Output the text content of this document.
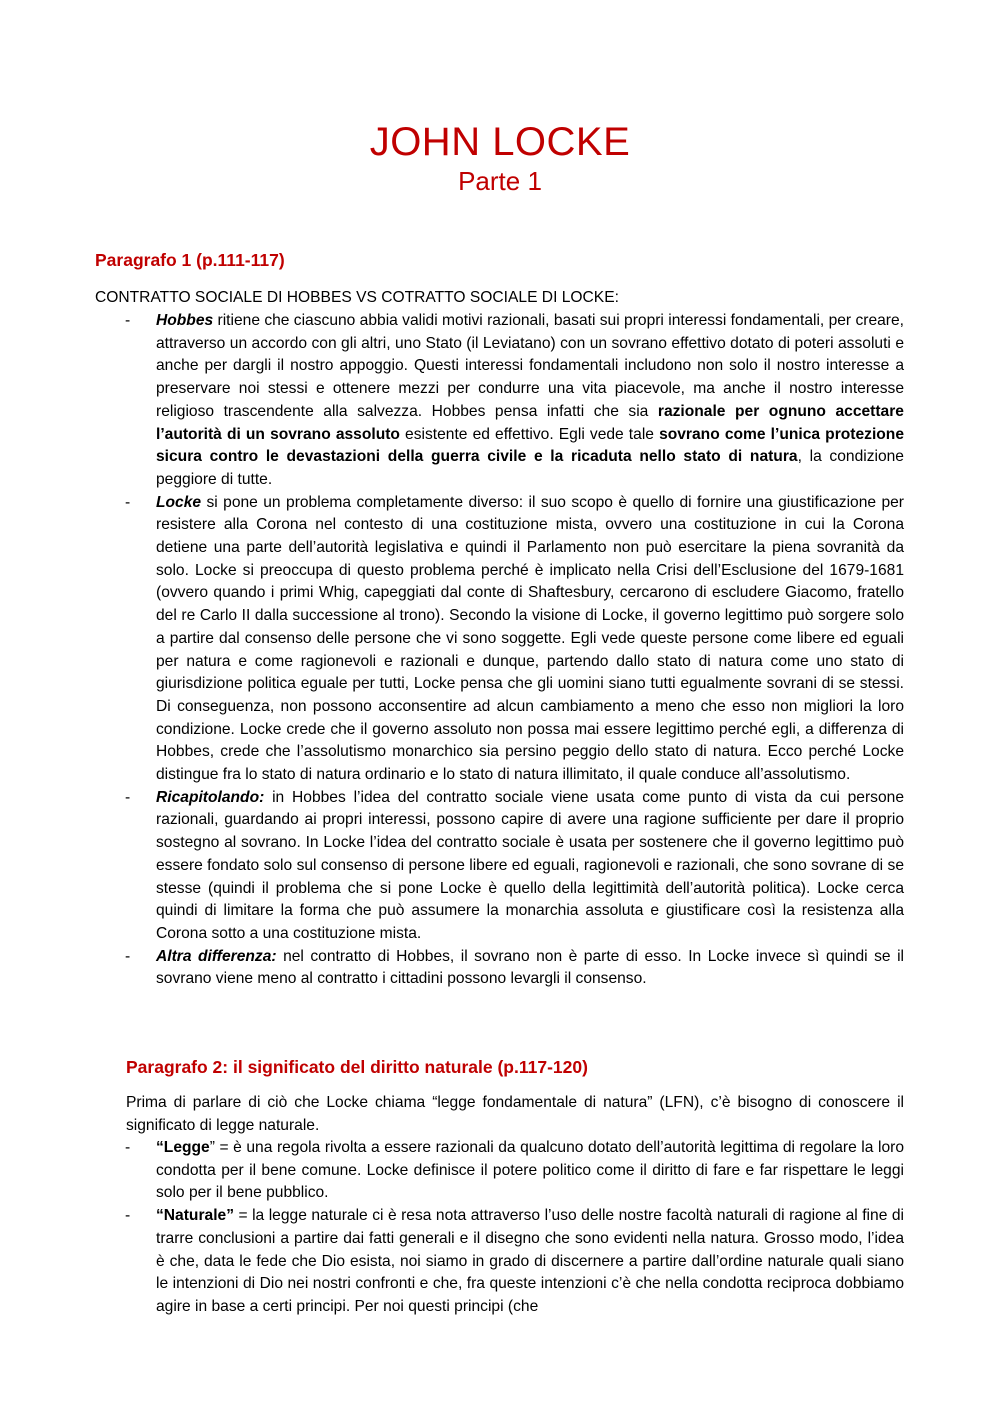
JOHN LOCKE
Parte 1
Paragrafo 1 (p.111-117)
CONTRATTO SOCIALE DI HOBBES VS COTRATTO SOCIALE DI LOCKE:
- Hobbes ritiene che ciascuno abbia validi motivi razionali, basati sui propri interessi fondamentali, per creare, attraverso un accordo con gli altri, uno Stato (il Leviatano) con un sovrano effettivo dotato di poteri assoluti e anche per dargli il nostro appoggio. Questi interessi fondamentali includono non solo il nostro interesse a preservare noi stessi e ottenere mezzi per condurre una vita piacevole, ma anche il nostro interesse religioso trascendente alla salvezza. Hobbes pensa infatti che sia razionale per ognuno accettare l’autorità di un sovrano assoluto esistente ed effettivo. Egli vede tale sovrano come l’unica protezione sicura contro le devastazioni della guerra civile e la ricaduta nello stato di natura, la condizione peggiore di tutte.
- Locke si pone un problema completamente diverso: il suo scopo è quello di fornire una giustificazione per resistere alla Corona nel contesto di una costituzione mista, ovvero una costituzione in cui la Corona detiene una parte dell’autorità legislativa e quindi il Parlamento non può esercitare la piena sovranità da solo. Locke si preoccupa di questo problema perché è implicato nella Crisi dell’Esclusione del 1679-1681 (ovvero quando i primi Whig, capeggiati dal conte di Shaftesbury, cercarono di escludere Giacomo, fratello del re Carlo II dalla successione al trono). Secondo la visione di Locke, il governo legittimo può sorgere solo a partire dal consenso delle persone che vi sono soggette. Egli vede queste persone come libere ed eguali per natura e come ragionevoli e razionali e dunque, partendo dallo stato di natura come uno stato di giurisdizione politica eguale per tutti, Locke pensa che gli uomini siano tutti egualmente sovrani di se stessi. Di conseguenza, non possono acconsentire ad alcun cambiamento a meno che esso non migliori la loro condizione. Locke crede che il governo assoluto non possa mai essere legittimo perché egli, a differenza di Hobbes, crede che l’assolutismo monarchico sia persino peggio dello stato di natura. Ecco perché Locke distingue fra lo stato di natura ordinario e lo stato di natura illimitato, il quale conduce all’assolutismo.
- Ricapitolando: in Hobbes l’idea del contratto sociale viene usata come punto di vista da cui persone razionali, guardando ai propri interessi, possono capire di avere una ragione sufficiente per dare il proprio sostegno al sovrano. In Locke l’idea del contratto sociale è usata per sostenere che il governo legittimo può essere fondato solo sul consenso di persone libere ed eguali, ragionevoli e razionali, che sono sovrane di se stesse (quindi il problema che si pone Locke è quello della legittimità dell’autorità politica). Locke cerca quindi di limitare la forma che può assumere la monarchia assoluta e giustificare così la resistenza alla Corona sotto a una costituzione mista.
- Altra differenza: nel contratto di Hobbes, il sovrano non è parte di esso. In Locke invece sì quindi se il sovrano viene meno al contratto i cittadini possono levargli il consenso.
Paragrafo 2: il significato del diritto naturale (p.117-120)
Prima di parlare di ciò che Locke chiama “legge fondamentale di natura” (LFN), c’è bisogno di conoscere il significato di legge naturale.
- “Legge” = è una regola rivolta a essere razionali da qualcuno dotato dell’autorità legittima di regolare la loro condotta per il bene comune. Locke definisce il potere politico come il diritto di fare e far rispettare le leggi solo per il bene pubblico.
- “Naturale” = la legge naturale ci è resa nota attraverso l’uso delle nostre facoltà naturali di ragione al fine di trarre conclusioni a partire dai fatti generali e il disegno che sono evidenti nella natura. Grosso modo, l’idea è che, data le fede che Dio esista, noi siamo in grado di discernere a partire dall’ordine naturale quali siano le intenzioni di Dio nei nostri confronti e che, fra queste intenzioni c’è che nella condotta reciproca dobbiamo agire in base a certi principi. Per noi questi principi (che
